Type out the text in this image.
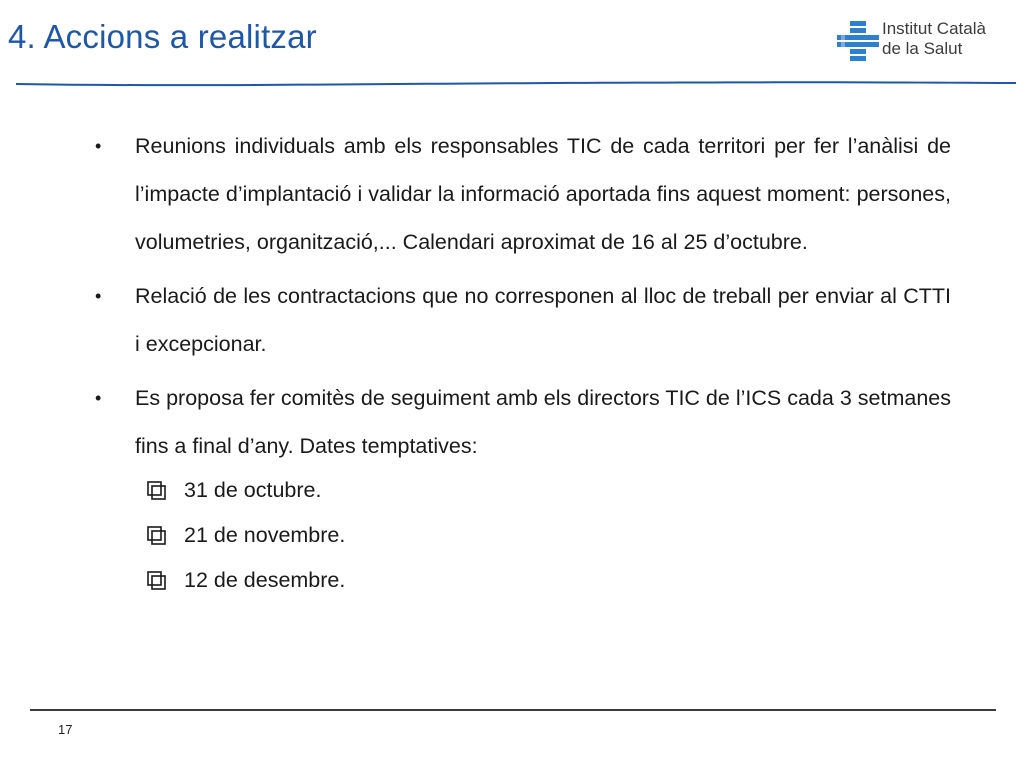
4. Accions a realitzar	Institut Català
de la Salut
• Reunions individuals amb els responsables TIC de cada territori per fer l’anàlisi de l’impacte d’implantació i validar la informació aportada fins aquest moment: persones, volumetries, organització,... Calendari aproximat de 16 al 25 d’octubre.
• Relació de les contractacions que no corresponen al lloc de treball per enviar al CTTI i excepcionar.
• Es proposa fer comitès de seguiment amb els directors TIC de l’ICS cada 3 setmanes fins a final d’any. Dates temptatives:
31 de octubre.
21 de novembre.
12 de desembre.
17
